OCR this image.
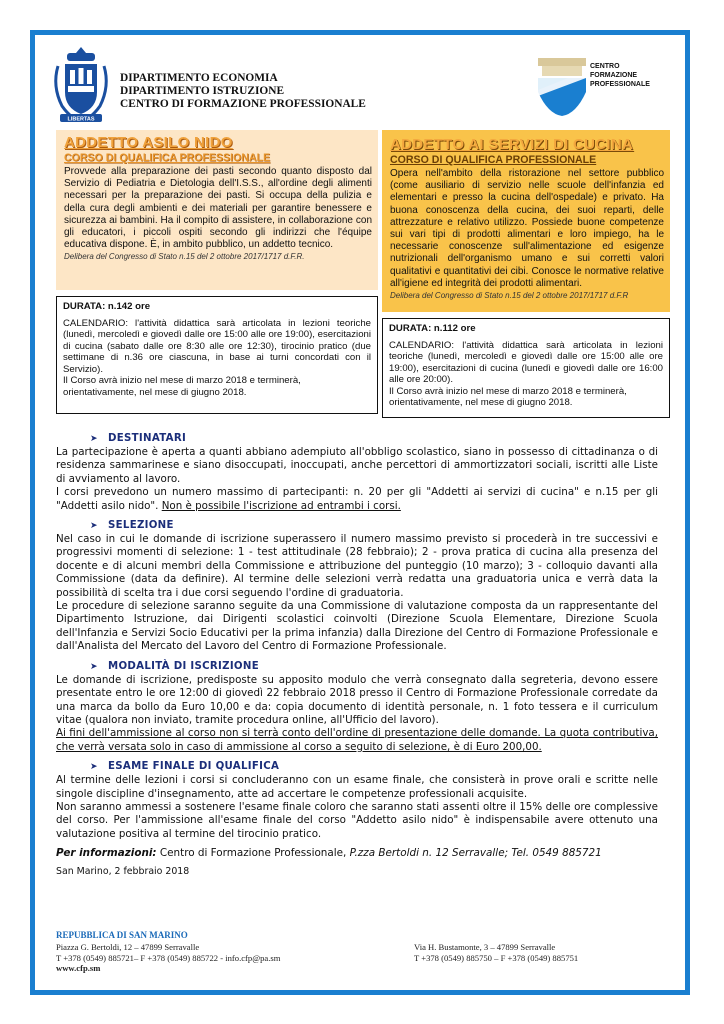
LIBERTAS
DIPARTIMENTO ECONOMIA
DIPARTIMENTO ISTRUZIONE
CENTRO DI FORMAZIONE PROFESSIONALE
CENTRO
FORMAZIONE
PROFESSIONALE
ADDETTO ASILO NIDO
CORSO DI QUALIFICA PROFESSIONALE
Provvede alla preparazione dei pasti secondo quanto disposto dal Servizio di Pediatria e Dietologia dell'I.S.S., all'ordine degli alimenti necessari per la preparazione dei pasti. Si occupa della pulizia e della cura degli ambienti e dei materiali per garantire benessere e sicurezza ai bambini. Ha il compito di assistere, in collaborazione con gli educatori, i piccoli ospiti secondo gli indirizzi che l'équipe educativa dispone. È, in ambito pubblico, un addetto tecnico.
Delibera del Congresso di Stato n.15 del 2 ottobre 2017/1717 d.F.R.
ADDETTO AI SERVIZI DI CUCINA
CORSO DI QUALIFICA PROFESSIONALE
Opera nell'ambito della ristorazione nel settore pubblico (come ausiliario di servizio nelle scuole dell'infanzia ed elementari e presso la cucina dell'ospedale) e privato. Ha buona conoscenza della cucina, dei suoi reparti, delle attrezzature e relativo utilizzo. Possiede buone competenze sui vari tipi di prodotti alimentari e loro impiego, ha le necessarie conoscenze sull'alimentazione ed esigenze nutrizionali dell'organismo umano e sui corretti valori qualitativi e quantitativi dei cibi. Conosce le normative relative all'igiene ed integrità dei prodotti alimentari.
Delibera del Congresso di Stato n.15 del 2 ottobre 2017/1717 d.F.R
DURATA: n.142 ore

CALENDARIO: l'attività didattica sarà articolata in lezioni teoriche (lunedì, mercoledì e giovedì dalle ore 15:00 alle ore 19:00), esercitazioni di cucina (sabato dalle ore 8:30 alle ore 12:30), tirocinio pratico (due settimane di n.36 ore ciascuna, in base ai turni concordati con il Servizio).

Il Corso avrà inizio nel mese di marzo 2018 e terminerà, orientativamente, nel mese di giugno 2018.

DURATA: n.112 ore

CALENDARIO: l'attività didattica sarà articolata in lezioni teoriche (lunedì, mercoledì e giovedì dalle ore 15:00 alle ore 19:00), esercitazioni di cucina (lunedì e giovedì dalle ore 16:00 alle ore 20:00).

Il Corso avrà inizio nel mese di marzo 2018 e terminerà, orientativamente, nel mese di giugno 2018.

➤ DESTINATARI
La partecipazione è aperta a quanti abbiano adempiuto all'obbligo scolastico, siano in possesso di cittadinanza o di residenza sammarinese e siano disoccupati, inoccupati, anche percettori di ammortizzatori sociali, iscritti alle Liste di avviamento al lavoro.
I corsi prevedono un numero massimo di partecipanti: n. 20 per gli "Addetti ai servizi di cucina" e n.15 per gli "Addetti asilo nido". Non è possibile l'iscrizione ad entrambi i corsi.
➤ SELEZIONE
Nel caso in cui le domande di iscrizione superassero il numero massimo previsto si procederà in tre successivi e progressivi momenti di selezione: 1 - test attitudinale (28 febbraio); 2 - prova pratica di cucina alla presenza del docente e di alcuni membri della Commissione e attribuzione del punteggio (10 marzo); 3 - colloquio davanti alla Commissione (data da definire). Al termine delle selezioni verrà redatta una graduatoria unica e verrà data la possibilità di scelta tra i due corsi seguendo l'ordine di graduatoria.
Le procedure di selezione saranno seguite da una Commissione di valutazione composta da un rappresentante del Dipartimento Istruzione, dai Dirigenti scolastici coinvolti (Direzione Scuola Elementare, Direzione Scuola dell'Infanzia e Servizi Socio Educativi per la prima infanzia) dalla Direzione del Centro di Formazione Professionale e dall'Analista del Mercato del Lavoro del Centro di Formazione Professionale.
➤ MODALITÀ DI ISCRIZIONE
Le domande di iscrizione, predisposte su apposito modulo che verrà consegnato dalla segreteria, devono essere presentate entro le ore 12:00 di giovedì 22 febbraio 2018 presso il Centro di Formazione Professionale corredate da una marca da bollo da Euro 10,00 e da: copia documento di identità personale, n. 1 foto tessera e il curriculum vitae (qualora non inviato, tramite procedura online, all'Ufficio del lavoro).
Ai fini dell'ammissione al corso non si terrà conto dell'ordine di presentazione delle domande. La quota contributiva, che verrà versata solo in caso di ammissione al corso a seguito di selezione, è di Euro 200,00.
➤ ESAME FINALE DI QUALIFICA
Al termine delle lezioni i corsi si concluderanno con un esame finale, che consisterà in prove orali e scritte nelle singole discipline d'insegnamento, atte ad accertare le competenze professionali acquisite.
Non saranno ammessi a sostenere l'esame finale coloro che saranno stati assenti oltre il 15% delle ore complessive del corso. Per l'ammissione all'esame finale del corso "Addetto asilo nido" è indispensabile avere ottenuto una valutazione positiva al termine del tirocinio pratico.
Per informazioni: Centro di Formazione Professionale, P.zza Bertoldi n. 12 Serravalle; Tel. 0549 885721
San Marino, 2 febbraio 2018
REPUBBLICA DI SAN MARINO
Piazza G. Bertoldi, 12 – 47899 Serravalle
T +378 (0549) 885721– F +378 (0549) 885722 - info.cfp@pa.sm
www.cfp.sm
Via H. Bustamonte, 3 – 47899 Serravalle
T +378 (0549) 885750 – F +378 (0549) 885751
